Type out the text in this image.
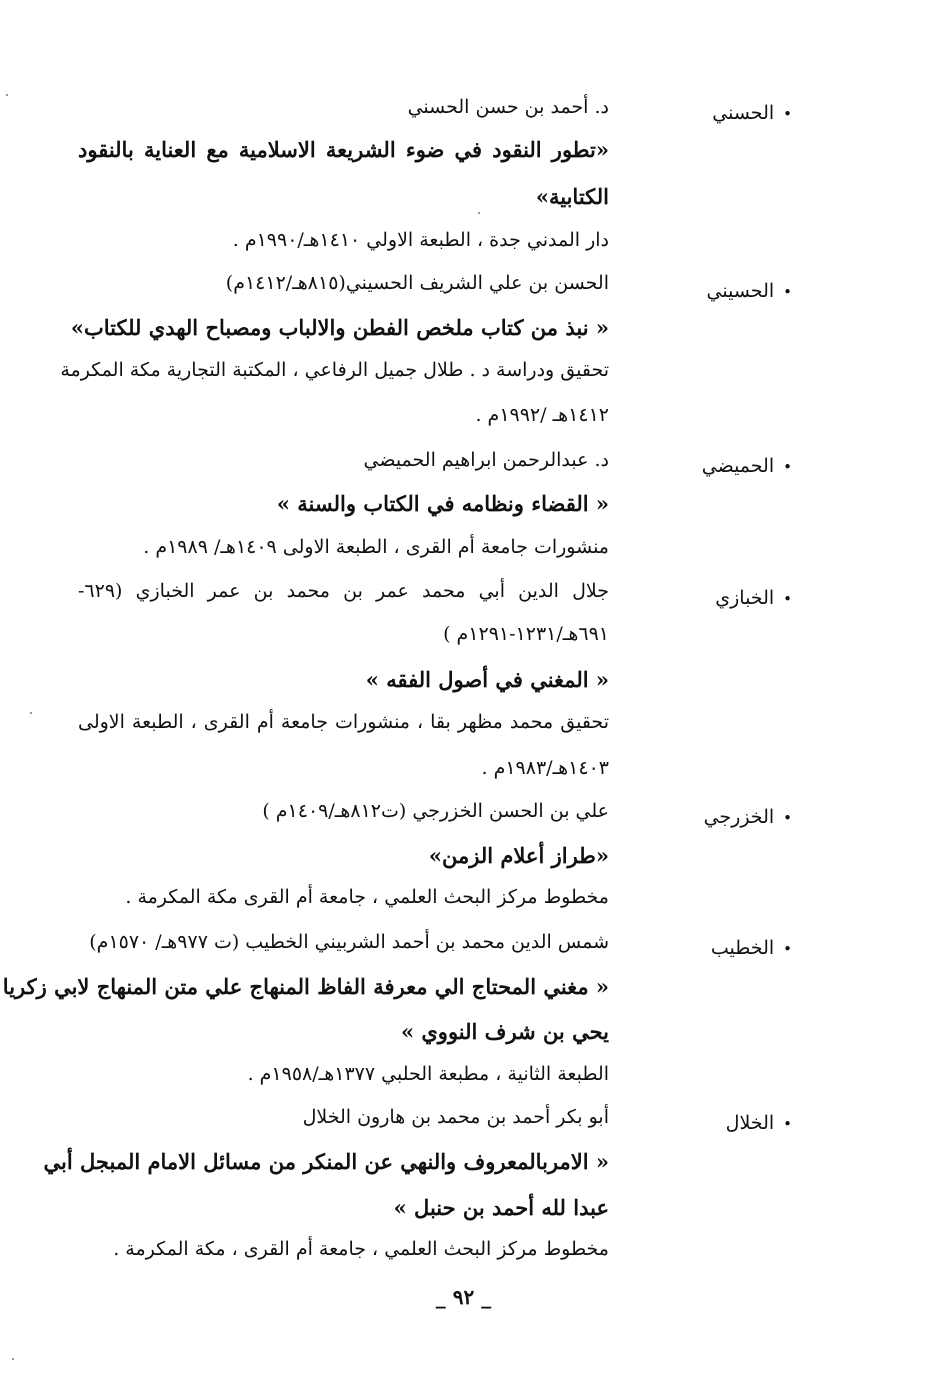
• الحسني
د. أحمد بن حسن الحسني
«تطور النقود في ضوء الشريعة الاسلامية مع العناية بالنقود
الكتابية»
دار المدني جدة ، الطبعة الاولي ١٤١٠هـ/١٩٩٠م .
• الحسيني
الحسن بن علي الشريف الحسيني(٨١٥هـ/١٤١٢م)
« نبذ من كتاب ملخص الفطن والالباب ومصباح الهدي للكتاب»
تحقيق ودراسة د . طلال جميل الرفاعي ، المكتبة التجارية مكة المكرمة
١٤١٢هـ /١٩٩٢م .
• الحميضي
د. عبدالرحمن ابراهيم الحميضي
« القضاء ونظامه في الكتاب والسنة »
منشورات جامعة أم القرى ، الطبعة الاولى ١٤٠٩هـ/ ١٩٨٩م .
• الخبازي
جلال الدين أبي محمد عمر بن محمد بن عمر الخبازي (٦٢٩-
٦٩١هـ/١٢٣١-١٢٩١م )
« المغني في أصول الفقه »
تحقيق محمد مظهر بقا ، منشورات جامعة أم القرى ، الطبعة الاولى
١٤٠٣هـ/١٩٨٣م .
• الخزرجي
علي بن الحسن الخزرجي (ت٨١٢هـ/١٤٠٩م )
«طراز أعلام الزمن»
مخطوط مركز البحث العلمي ، جامعة أم القرى مكة المكرمة .
• الخطيب
شمس الدين محمد بن أحمد الشربيني الخطيب (ت ٩٧٧هـ/ ١٥٧٠م)
« مغني المحتاج الي معرفة الفاظ المنهاج علي متن المنهاج لابي زكريا
يحي بن شرف النووي »
الطبعة الثانية ، مطبعة الحلبي ١٣٧٧هـ/١٩٥٨م .
• الخلال
أبو بكر أحمد بن محمد بن هارون الخلال
« الامربالمعروف والنهي عن المنكر من مسائل الامام المبجل أبي
عبدا لله أحمد بن حنبل »
مخطوط مركز البحث العلمي ، جامعة أم القرى ، مكة المكرمة .
_ ٩٢ _
